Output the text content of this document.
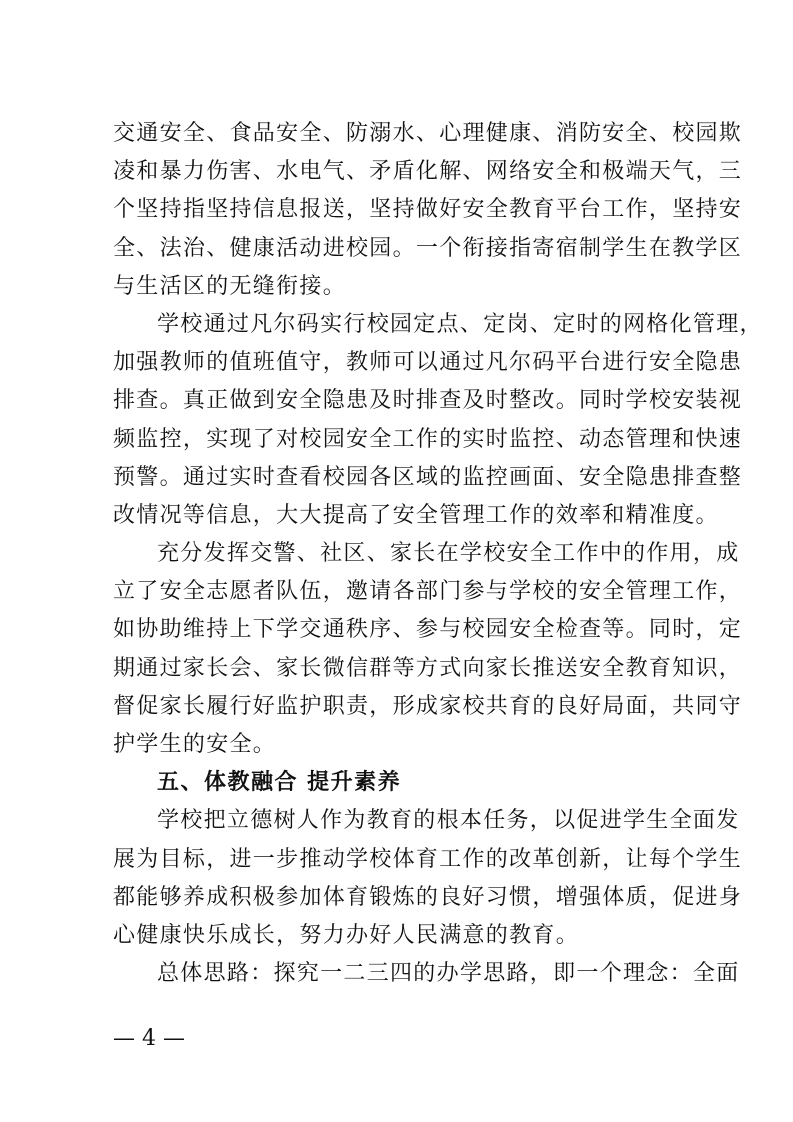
交通安全、食品安全、防溺水、心理健康、消防安全、校园欺
凌和暴力伤害、水电气、矛盾化解、网络安全和极端天气，三
个坚持指坚持信息报送，坚持做好安全教育平台工作，坚持安
全、法治、健康活动进校园。一个衔接指寄宿制学生在教学区
与生活区的无缝衔接。
学校通过凡尔码实行校园定点、定岗、定时的网格化管理，
加强教师的值班值守，教师可以通过凡尔码平台进行安全隐患
排查。真正做到安全隐患及时排查及时整改。同时学校安装视
频监控，实现了对校园安全工作的实时监控、动态管理和快速
预警。通过实时查看校园各区域的监控画面、安全隐患排查整
改情况等信息，大大提高了安全管理工作的效率和精准度。
充分发挥交警、社区、家长在学校安全工作中的作用，成
立了安全志愿者队伍，邀请各部门参与学校的安全管理工作，
如协助维持上下学交通秩序、参与校园安全检查等。同时，定
期通过家长会、家长微信群等方式向家长推送安全教育知识，
督促家长履行好监护职责，形成家校共育的良好局面，共同守
护学生的安全。
五、体教融合 提升素养
学校把立德树人作为教育的根本任务，以促进学生全面发
展为目标，进一步推动学校体育工作的改革创新，让每个学生
都能够养成积极参加体育锻炼的良好习惯，增强体质，促进身
心健康快乐成长，努力办好人民满意的教育。
总体思路：探究一二三四的办学思路，即一个理念：全面
— 4 —
